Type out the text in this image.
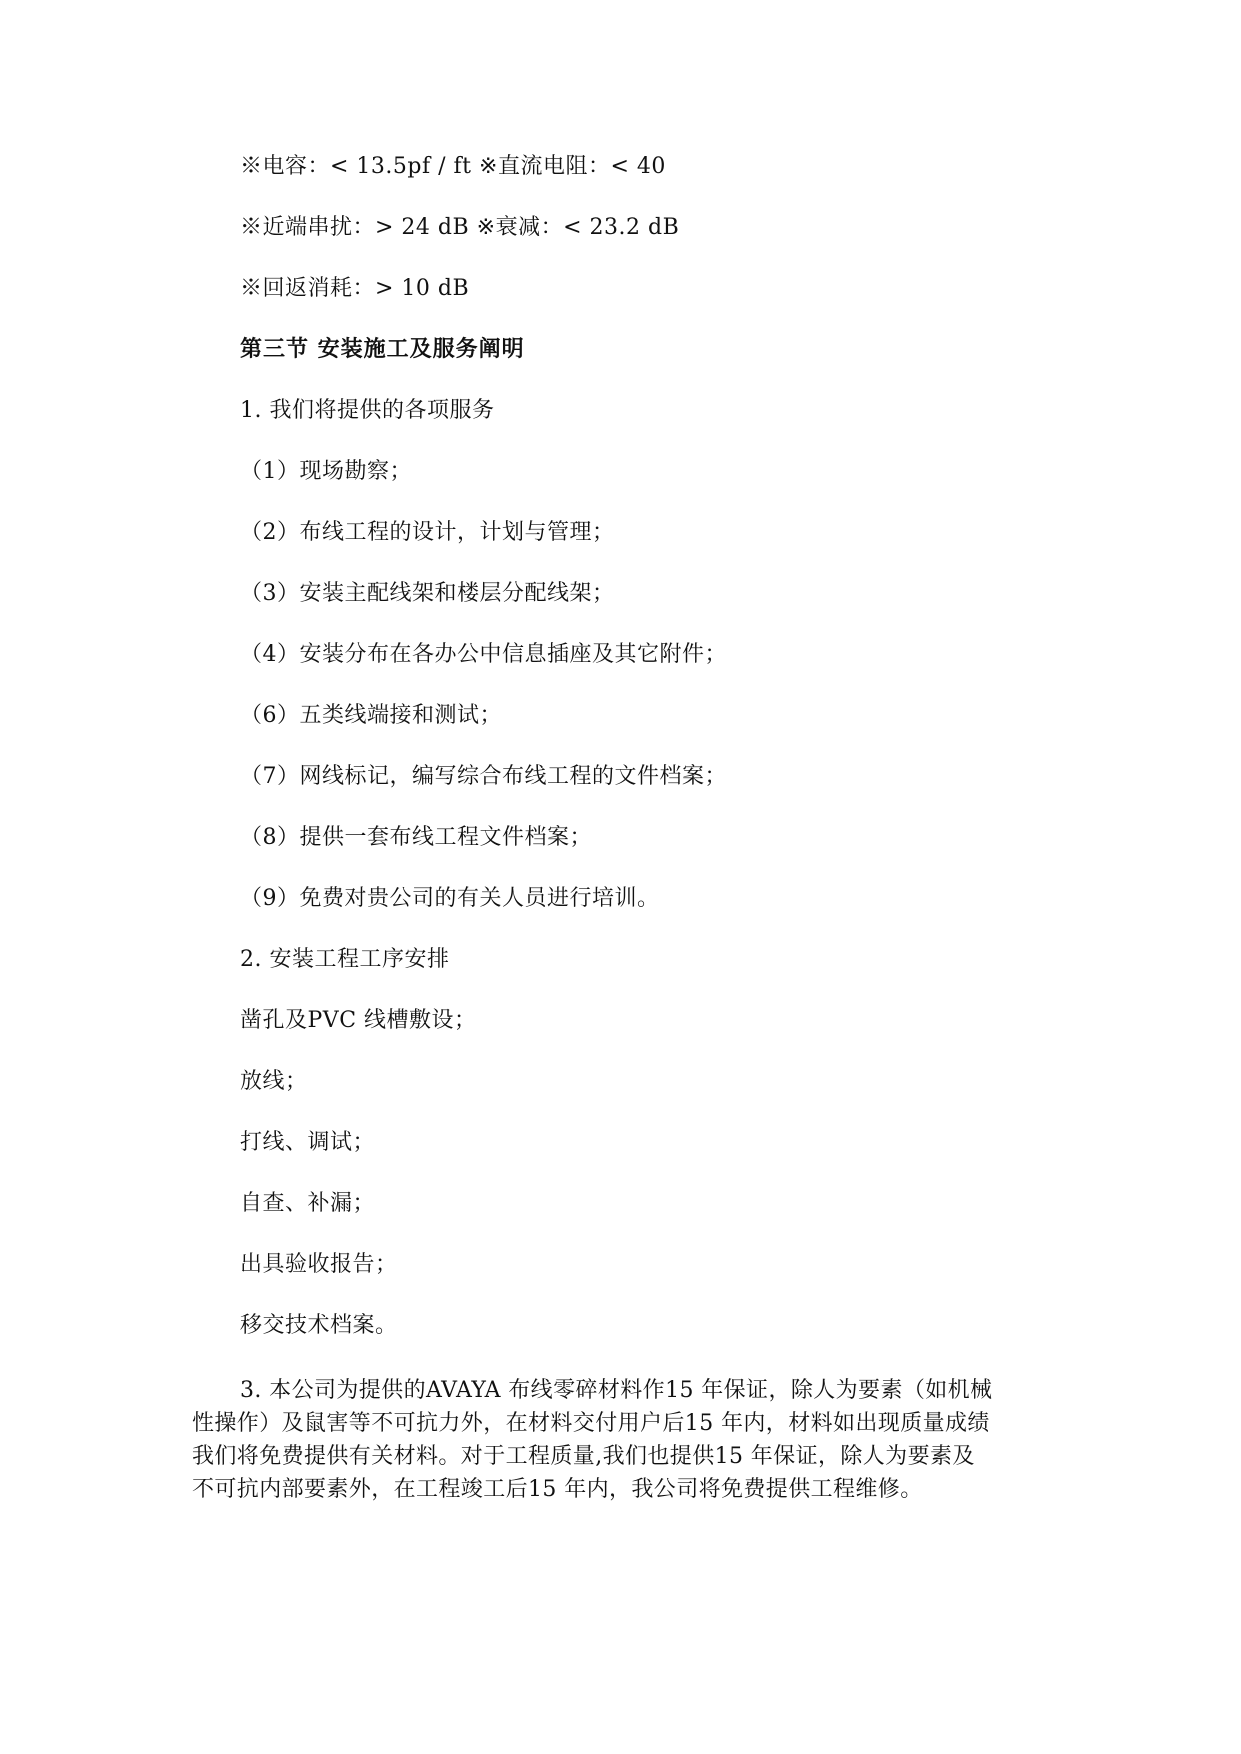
※电容：< 13.5pf / ft ※直流电阻：< 40
※近端串扰：> 24 dB ※衰减：< 23.2 dB
※回返消耗：> 10 dB
第三节 安装施工及服务阐明
1. 我们将提供的各项服务
（1）现场勘察；
（2）布线工程的设计，计划与管理；
（3）安装主配线架和楼层分配线架；
（4）安装分布在各办公中信息插座及其它附件；
（6）五类线端接和测试；
（7）网线标记，编写综合布线工程的文件档案；
（8）提供一套布线工程文件档案；
（9）免费对贵公司的有关人员进行培训。
2. 安装工程工序安排
凿孔及PVC 线槽敷设；
放线；
打线、调试；
自查、补漏；
出具验收报告；
移交技术档案。
3. 本公司为提供的AVAYA 布线零碎材料作15 年保证，除人为要素（如机械
性操作）及鼠害等不可抗力外，在材料交付用户后15 年内，材料如出现质量成绩
我们将免费提供有关材料。对于工程质量,我们也提供15 年保证，除人为要素及
不可抗内部要素外，在工程竣工后15 年内，我公司将免费提供工程维修。
